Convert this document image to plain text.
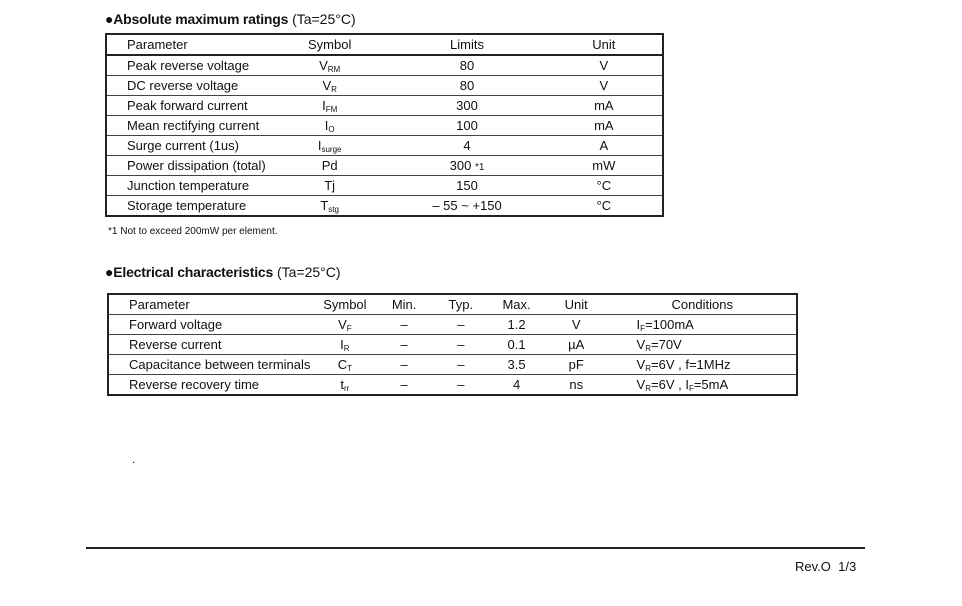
●Absolute maximum ratings (Ta=25°C)
Parameter	Symbol	Limits	Unit
Peak reverse voltage	$V_{RM}$	80	V
DC reverse voltage	$V_R$	80	V
Peak forward current	$I_{FM}$	300	mA
Mean rectifying current	$I_O$	100	mA
Surge current (1us)	$I_{surge}$	4	A
Power dissipation (total)	Pd	300 *1	mW
Junction temperature	Tj	150	°C
Storage temperature	$T_{stg}$	– 55 ~ +150	°C
*1 Not to exceed 200mW per element.
●Electrical characteristics (Ta=25°C)
Parameter	Symbol	Min.	Typ.	Max.	Unit	Conditions
Forward voltage	$V_F$	–	–	1.2	V	$I_F=100mA$
Reverse current	$I_R$	–	–	0.1	µA	$V_R=70V$
Capacitance between terminals	$C_T$	–	–	3.5	pF	$V_R=6V$ , f=1MHz
Reverse recovery time	$t_{rr}$	–	–	4	ns	$V_R=6V$ , $I_F=5mA$
.
Rev.O 1/3
